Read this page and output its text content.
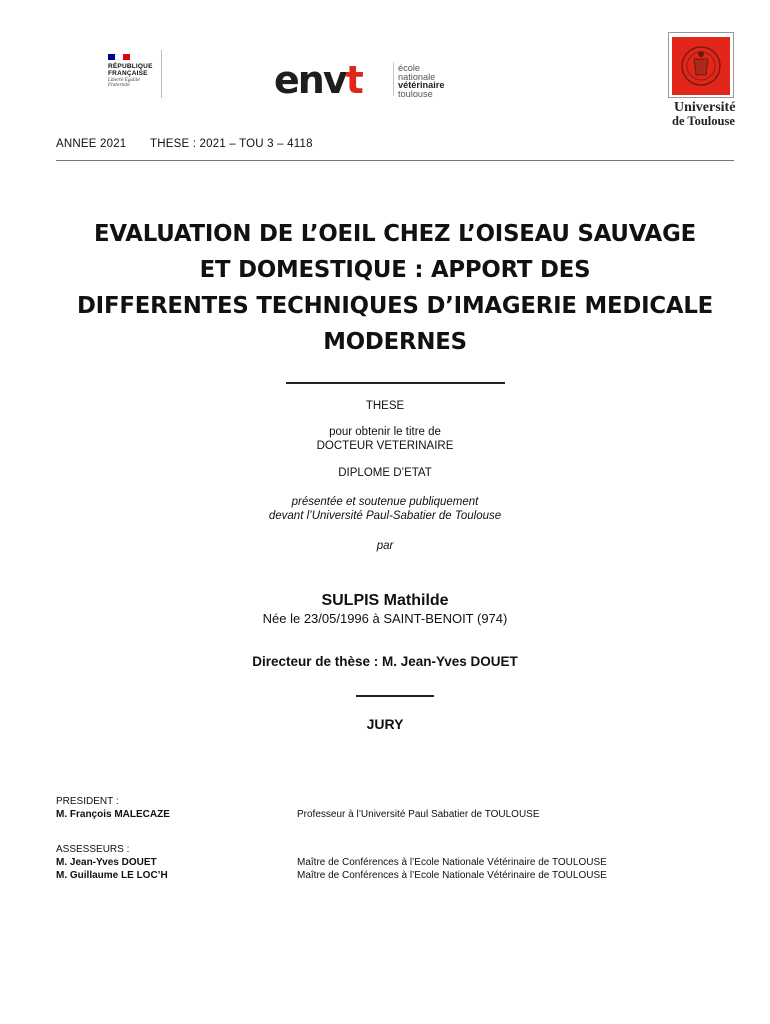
RÉPUBLIQUE
FRANÇAISE
Liberté Égalité Fraternité	envt	école
nationale
vétérinaire
toulouse
Université
de Toulouse
ANNEE 2021 THESE : 2021 – TOU 3 – 4118
EVALUATION DE L’OEIL CHEZ L’OISEAU SAUVAGE
ET DOMESTIQUE : APPORT DES
DIFFERENTES TECHNIQUES D’IMAGERIE MEDICALE
MODERNES
THESE
pour obtenir le titre de
DOCTEUR VETERINAIRE
DIPLOME D’ETAT
présentée et soutenue publiquement
devant l’Université Paul-Sabatier de Toulouse
par
SULPIS Mathilde
Née le 23/05/1996 à SAINT-BENOIT (974)
Directeur de thèse : M. Jean-Yves DOUET
JURY
PRESIDENT :
M. François MALECAZE	Professeur à l’Université Paul Sabatier de TOULOUSE
ASSESSEURS :
M. Jean-Yves DOUET	Maître de Conférences à l’Ecole Nationale Vétérinaire de TOULOUSE
M. Guillaume LE LOC’H	Maître de Conférences à l’Ecole Nationale Vétérinaire de TOULOUSE
